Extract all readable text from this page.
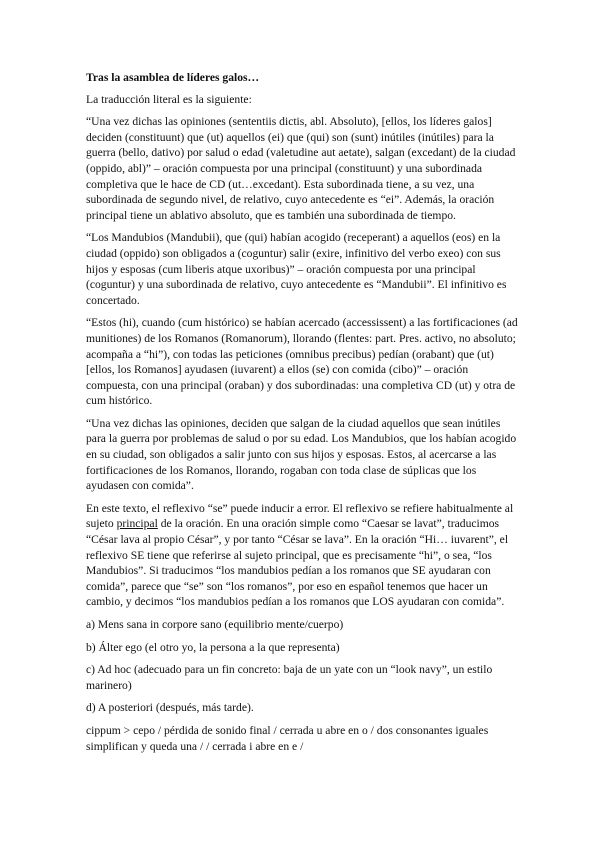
Tras la asamblea de líderes galos…

La traducción literal es la siguiente:

“Una vez dichas las opiniones (sententiis dictis, abl. Absoluto), [ellos, los líderes galos] deciden (constituunt) que (ut) aquellos (ei) que (qui) son (sunt) inútiles (inútiles) para la guerra (bello, dativo) por salud o edad (valetudine aut aetate), salgan (excedant) de la ciudad (oppido, abl)” – oración compuesta por una principal (constituunt) y una subordinada completiva que le hace de CD (ut…excedant). Esta subordinada tiene, a su vez, una subordinada de segundo nivel, de relativo, cuyo antecedente es “ei”. Además, la oración principal tiene un ablativo absoluto, que es también una subordinada de tiempo.

“Los Mandubios (Mandubii), que (qui) habían acogido (receperant) a aquellos (eos) en la ciudad (oppido) son obligados a (coguntur) salir (exire, infinitivo del verbo exeo) con sus hijos y esposas (cum liberis atque uxoribus)” – oración compuesta por una principal (coguntur) y una subordinada de relativo, cuyo antecedente es “Mandubii”. El infinitivo es concertado.

“Estos (hi), cuando (cum histórico) se habían acercado (accessissent) a las fortificaciones (ad munitiones) de los Romanos (Romanorum), llorando (flentes: part. Pres. activo, no absoluto; acompaña a “hi”), con todas las peticiones (omnibus precibus) pedían (orabant) que (ut) [ellos, los Romanos] ayudasen (iuvarent) a ellos (se) con comida (cibo)” – oración compuesta, con una principal (oraban) y dos subordinadas: una completiva CD (ut) y otra de cum histórico.

“Una vez dichas las opiniones, deciden que salgan de la ciudad aquellos que sean inútiles para la guerra por problemas de salud o por su edad. Los Mandubios, que los habían acogido en su ciudad, son obligados a salir junto con sus hijos y esposas. Estos, al acercarse a las fortificaciones de los Romanos, llorando, rogaban con toda clase de súplicas que los ayudasen con comida”.

En este texto, el reflexivo “se” puede inducir a error. El reflexivo se refiere habitualmente al sujeto principal de la oración. En una oración simple como “Caesar se lavat”, traducimos “César lava al propio César”, y por tanto “César se lava”. En la oración “Hi… iuvarent”, el reflexivo SE tiene que referirse al sujeto principal, que es precisamente “hi”, o sea, “los Mandubios”. Si traducimos “los mandubios pedían a los romanos que SE ayudaran con comida”, parece que “se” son “los romanos”, por eso en español tenemos que hacer un cambio, y decimos “los mandubios pedían a los romanos que LOS ayudaran con comida”.

a) Mens sana in corpore sano (equilibrio mente/cuerpo)

b) Álter ego (el otro yo, la persona a la que representa)

c) Ad hoc (adecuado para un fin concreto: baja de un yate con un “look navy”, un estilo marinero)

d) A posteriori (después, más tarde).

cippum > cepo / pérdida de sonido final / cerrada u abre en o / dos consonantes iguales simplifican y queda una / / cerrada i abre en e /
